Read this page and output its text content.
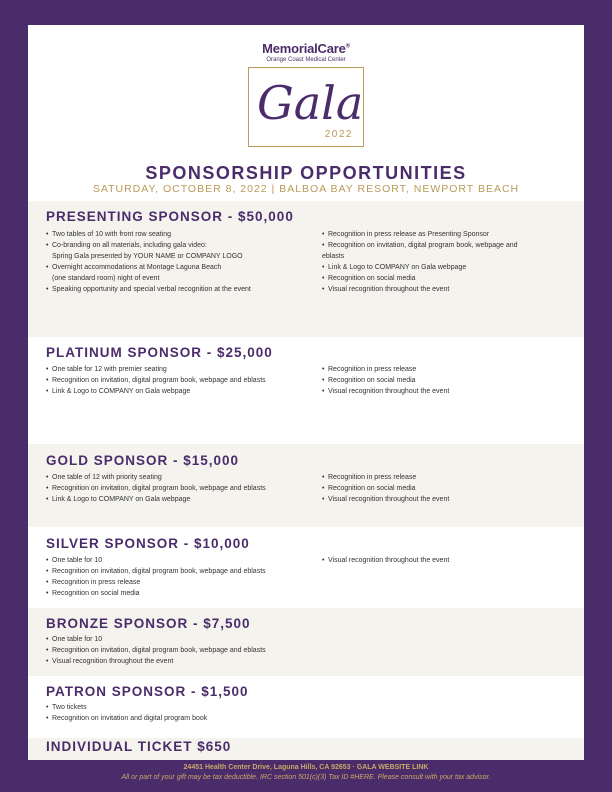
MemorialCare®
Orange Coast Medical Center
Gala
2022
SPONSORSHIP OPPORTUNITIES
SATURDAY, OCTOBER 8, 2022 | BALBOA BAY RESORT, NEWPORT BEACH
PRESENTING SPONSOR - $50,000
• Two tables of 10 with front row seating
• Co-branding on all materials, including gala video:
Spring Gala presented by YOUR NAME or COMPANY LOGO
• Overnight accommodations at Montage Laguna Beach
(one standard room) night of event
• Speaking opportunity and special verbal recognition at the event
• Recognition in press release as Presenting Sponsor
• Recognition on invitation, digital program book, webpage and
eblasts
• Link & Logo to COMPANY on Gala webpage
• Recognition on social media
• Visual recognition throughout the event
PLATINUM SPONSOR - $25,000
• One table for 12 with premier seating
• Recognition on invitation, digital program book, webpage and eblasts
• Link & Logo to COMPANY on Gala webpage
• Recognition in press release
• Recognition on social media
• Visual recognition throughout the event
GOLD SPONSOR - $15,000
• One table of 12 with priority seating
• Recognition on invitation, digital program book, webpage and eblasts
• Link & Logo to COMPANY on Gala webpage
• Recognition in press release
• Recognition on social media
• Visual recognition throughout the event
SILVER SPONSOR - $10,000
• One table for 10
• Recognition on invitation, digital program book, webpage and eblasts
• Recognition in press release
• Recognition on social media
• Visual recognition throughout the event
BRONZE SPONSOR - $7,500
• One table for 10
• Recognition on invitation, digital program book, webpage and eblasts
• Visual recognition throughout the event
PATRON SPONSOR - $1,500
• Two tickets
• Recognition on invitation and digital program book
INDIVIDUAL TICKET $650
24451 Health Center Drive, Laguna Hills, CA 92653 · GALA WEBSITE LINK
All or part of your gift may be tax deductible. IRC section 501(c)(3) Tax ID #HERE. Please consult with your tax advisor.
